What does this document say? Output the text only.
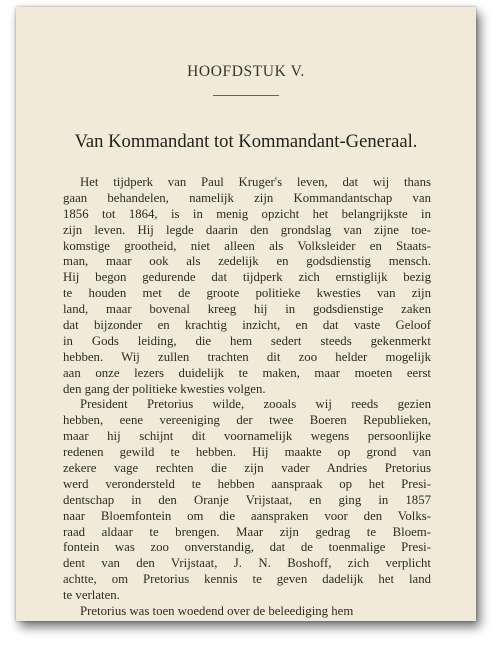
HOOFDSTUK V.
Van Kommandant tot Kommandant-Generaal.
Het tijdperk van Paul Kruger's leven, dat wij thans
gaan behandelen, namelijk zijn Kommandantschap van
1856 tot 1864, is in menig opzicht het belangrijkste in
zijn leven. Hij legde daarin den grondslag van zijne toe-
komstige grootheid, niet alleen als Volksleider en Staats-
man, maar ook als zedelijk en godsdienstig mensch.
Hij begon gedurende dat tijdperk zich ernstiglijk bezig
te houden met de groote politieke kwesties van zijn
land, maar bovenal kreeg hij in godsdienstige zaken
dat bijzonder en krachtig inzicht, en dat vaste Geloof
in Gods leiding, die hem sedert steeds gekenmerkt
hebben. Wij zullen trachten dit zoo helder mogelijk
aan onze lezers duidelijk te maken, maar moeten eerst
den gang der politieke kwesties volgen.
President Pretorius wilde, zooals wij reeds gezien
hebben, eene vereeniging der twee Boeren Republieken,
maar hij schijnt dit voornamelijk wegens persoonlijke
redenen gewild te hebben. Hij maakte op grond van
zekere vage rechten die zijn vader Andries Pretorius
werd verondersteld te hebben aanspraak op het Presi-
dentschap in den Oranje Vrijstaat, en ging in 1857
naar Bloemfontein om die aanspraken voor den Volks-
raad aldaar te brengen. Maar zijn gedrag te Bloem-
fontein was zoo onverstandig, dat de toenmalige Presi-
dent van den Vrijstaat, J. N. Boshoff, zich verplicht
achtte, om Pretorius kennis te geven dadelijk het land
te verlaten.
Pretorius was toen woedend over de beleediging hem
